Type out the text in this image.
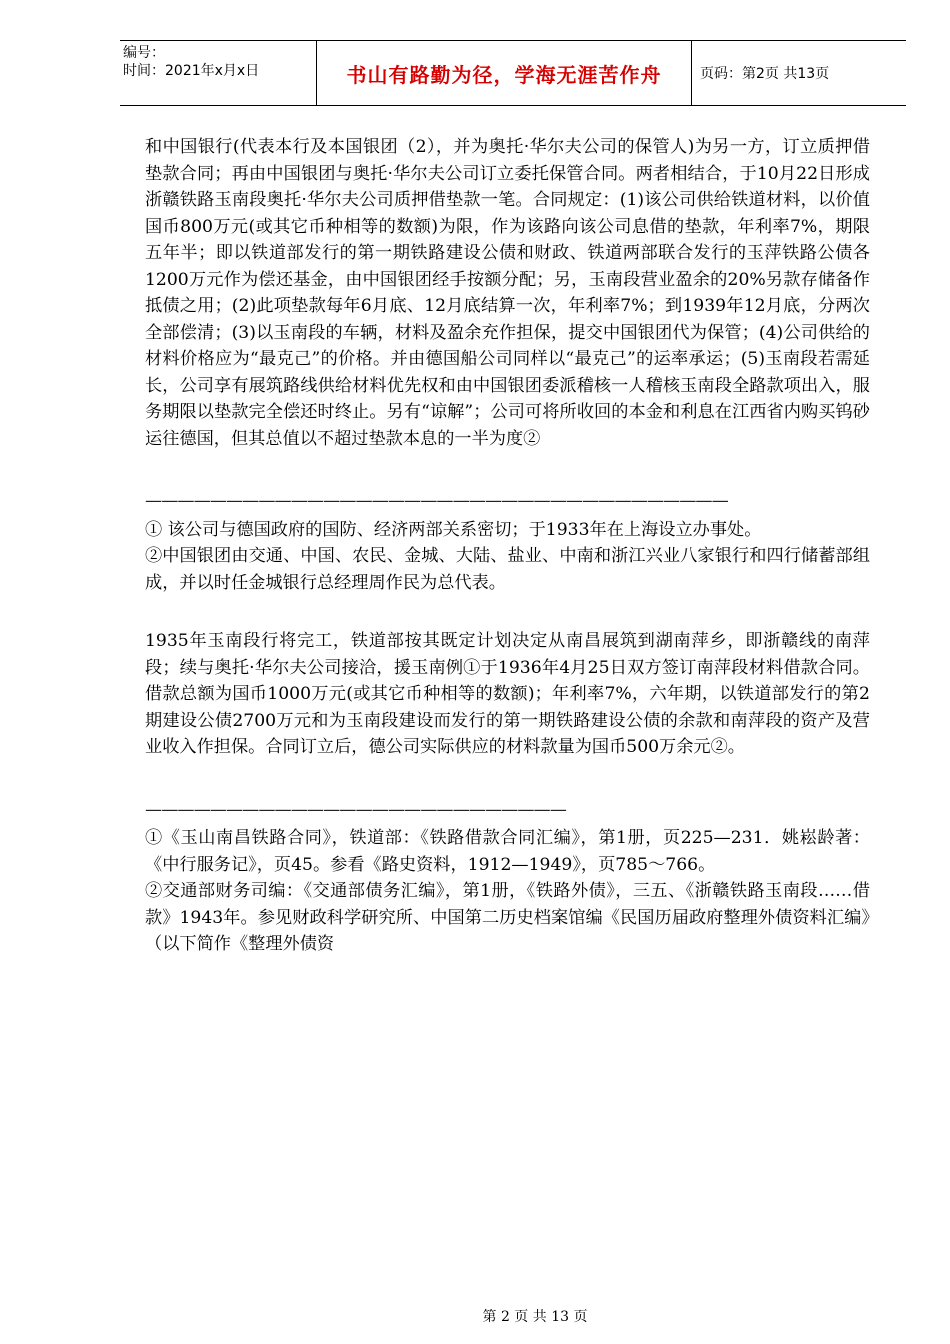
编号：
时间：2021年x月x日	书山有路勤为径，学海无涯苦作舟	页码：第2页 共13页

和中国银行(代表本行及本国银团（2），并为奥托·华尔夫公司的保管人)为另一方，订立质押借垫款合同；再由中国银团与奥托·华尔夫公司订立委托保管合同。两者相结合，于10月22日形成浙赣铁路玉南段奥托·华尔夫公司质押借垫款一笔。合同规定：(1)该公司供给铁道材料，以价值国币800万元(或其它币种相等的数额)为限，作为该路向该公司息借的垫款，年利率7%，期限五年半；即以铁道部发行的第一期铁路建设公债和财政、铁道两部联合发行的玉萍铁路公债各1200万元作为偿还基金，由中国银团经手按额分配；另，玉南段营业盈余的20%另款存储备作抵债之用；(2)此项垫款每年6月底、12月底结算一次，年利率7%；到1939年12月底，分两次全部偿清；(3)以玉南段的车辆，材料及盈余充作担保，提交中国银团代为保管；(4)公司供给的材料价格应为“最克己”的价格。并由德国船公司同样以“最克己”的运率承运；(5)玉南段若需延长，公司享有展筑路线供给材料优先权和由中国银团委派稽核一人稽核玉南段全路款项出入，服务期限以垫款完全偿还时终止。另有“谅解”；公司可将所收回的本金和利息在江西省内购买钨砂运往德国，但其总值以不超过垫款本息的一半为度②

————————————————————————————————————

① 该公司与德国政府的国防、经济两部关系密切；于1933年在上海设立办事处。

②中国银团由交通、中国、农民、金城、大陆、盐业、中南和浙江兴业八家银行和四行储蓄部组成，并以时任金城银行总经理周作民为总代表。

1935年玉南段行将完工，铁道部按其既定计划决定从南昌展筑到湖南萍乡，即浙赣线的南萍段；续与奥托·华尔夫公司接洽，援玉南例①于1936年4月25日双方签订南萍段材料借款合同。借款总额为国币1000万元(或其它币种相等的数额)；年利率7%，六年期，以铁道部发行的第2期建设公债2700万元和为玉南段建设而发行的第一期铁路建设公债的余款和南萍段的资产及营业收入作担保。合同订立后，德公司实际供应的材料款量为国币500万余元②。

——————————————————————————

①《玉山南昌铁路合同》，铁道部：《铁路借款合同汇编》，第1册，页225—231．姚崧龄著：《中行服务记》，页45。参看《路史资料，1912—1949》，页785～766。

②交通部财务司编：《交通部债务汇编》，第1册，《铁路外债》，三五、《浙赣铁路玉南段……借款》1943年。参见财政科学研究所、中国第二历史档案馆编《民国历届政府整理外债资料汇编》（以下简作《整理外债资

第 2 页 共 13 页
